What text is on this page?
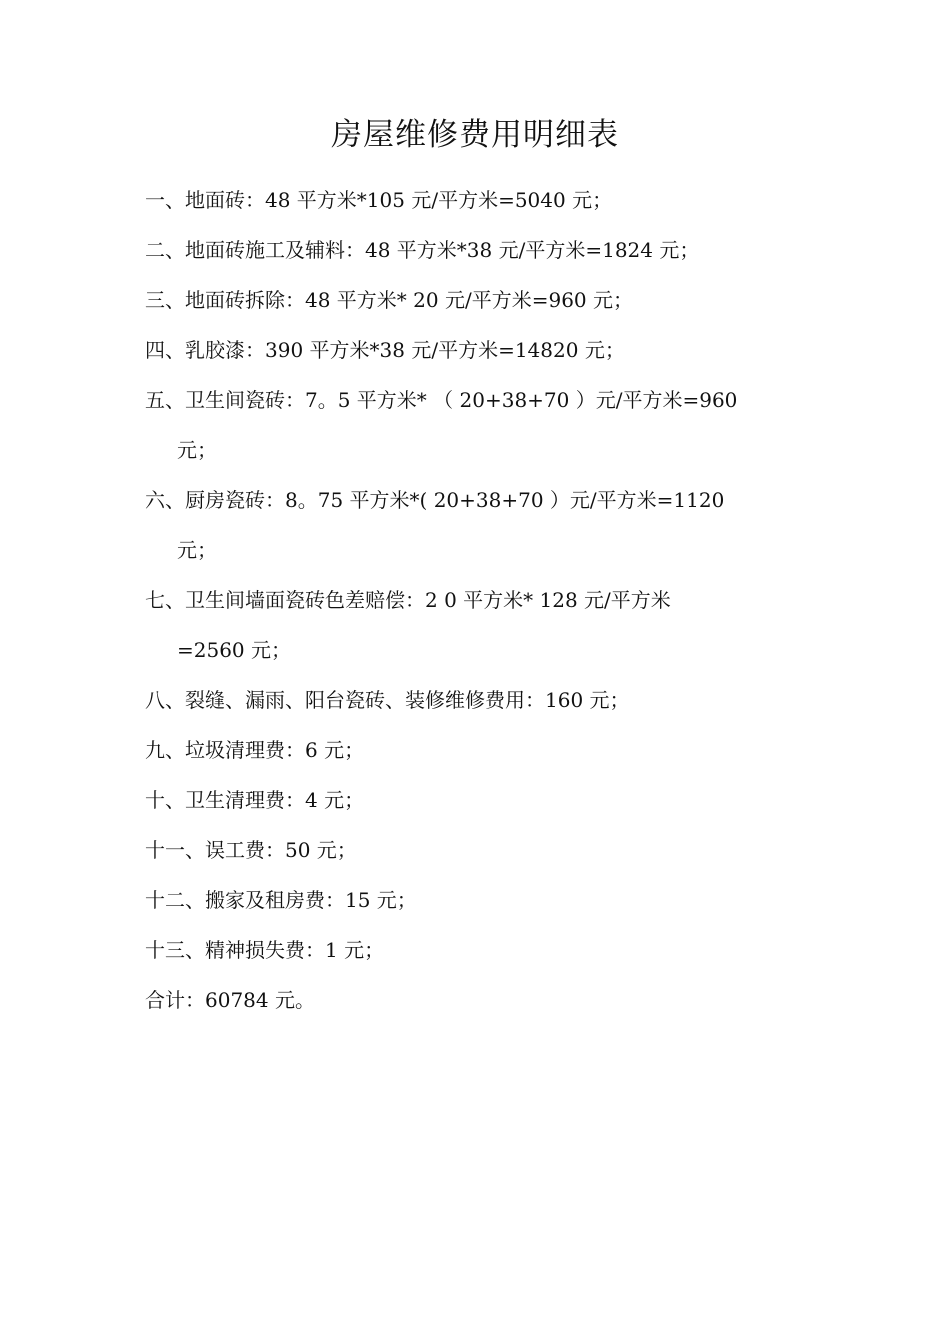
房屋维修费用明细表
一、地面砖：48 平方米*105 元/平方米=5040 元；
二、地面砖施工及辅料：48 平方米*38 元/平方米=1824 元；
三、地面砖拆除：48 平方米* 20 元/平方米=960 元；
四、乳胶漆：390 平方米*38 元/平方米=14820 元；
五、卫生间瓷砖：7。5 平方米* （ 20+38+70 ）元/平方米=960
元；
六、厨房瓷砖：8。75 平方米*( 20+38+70 ）元/平方米=1120
元；
七、卫生间墙面瓷砖色差赔偿：2 0 平方米* 128 元/平方米
=2560 元；
八、裂缝、漏雨、阳台瓷砖、装修维修费用：160 元；
九、垃圾清理费：6 元；
十、卫生清理费：4 元；
十一、误工费：50 元；
十二、搬家及租房费：15 元；
十三、精神损失费：1 元；
合计：60784 元。
